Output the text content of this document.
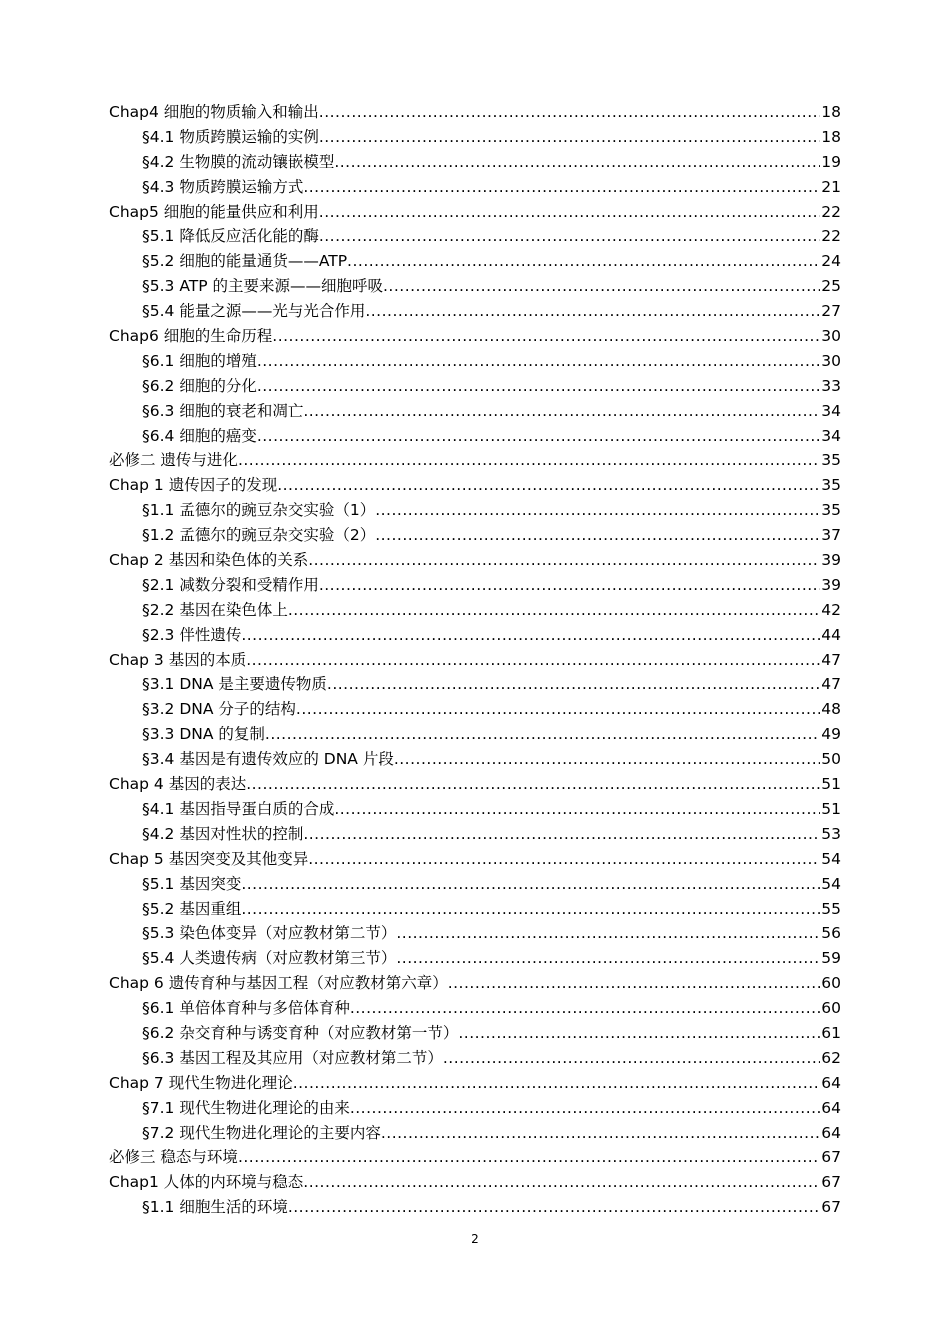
Chap4 细胞的物质输入和输出 .....	18
§4.1 物质跨膜运输的实例 .....	18
§4.2 生物膜的流动镶嵌模型 .....	19
§4.3 物质跨膜运输方式 .....	21
Chap5 细胞的能量供应和利用 .....	22
§5.1 降低反应活化能的酶 .....	22
§5.2 细胞的能量通货——ATP .....	24
§5.3 ATP 的主要来源——细胞呼吸 .....	25
§5.4 能量之源——光与光合作用 .....	27
Chap6 细胞的生命历程 .....	30
§6.1 细胞的增殖 .....	30
§6.2 细胞的分化 .....	33
§6.3 细胞的衰老和凋亡 .....	34
§6.4 细胞的癌变 .....	34
必修二 遗传与进化 .....	35
Chap 1 遗传因子的发现 .....	35
§1.1 孟德尔的豌豆杂交实验（1） .....	35
§1.2 孟德尔的豌豆杂交实验（2） .....	37
Chap 2 基因和染色体的关系 .....	39
§2.1 减数分裂和受精作用 .....	39
§2.2 基因在染色体上 .....	42
§2.3 伴性遗传 .....	44
Chap 3 基因的本质 .....	47
§3.1 DNA 是主要遗传物质 .....	47
§3.2 DNA 分子的结构 .....	48
§3.3 DNA 的复制 .....	49
§3.4 基因是有遗传效应的 DNA 片段 .....	50
Chap 4 基因的表达 .....	51
§4.1 基因指导蛋白质的合成 .....	51
§4.2 基因对性状的控制 .....	53
Chap 5 基因突变及其他变异 .....	54
§5.1 基因突变 .....	54
§5.2 基因重组 .....	55
§5.3 染色体变异（对应教材第二节） .....	56
§5.4 人类遗传病（对应教材第三节） .....	59
Chap 6 遗传育种与基因工程（对应教材第六章） .....	60
§6.1 单倍体育种与多倍体育种 .....	60
§6.2 杂交育种与诱变育种（对应教材第一节） .....	61
§6.3 基因工程及其应用（对应教材第二节） .....	62
Chap 7 现代生物进化理论 .....	64
§7.1 现代生物进化理论的由来 .....	64
§7.2 现代生物进化理论的主要内容 .....	64
必修三 稳态与环境 .....	67
Chap1 人体的内环境与稳态 .....	67
§1.1 细胞生活的环境 .....	67
2
